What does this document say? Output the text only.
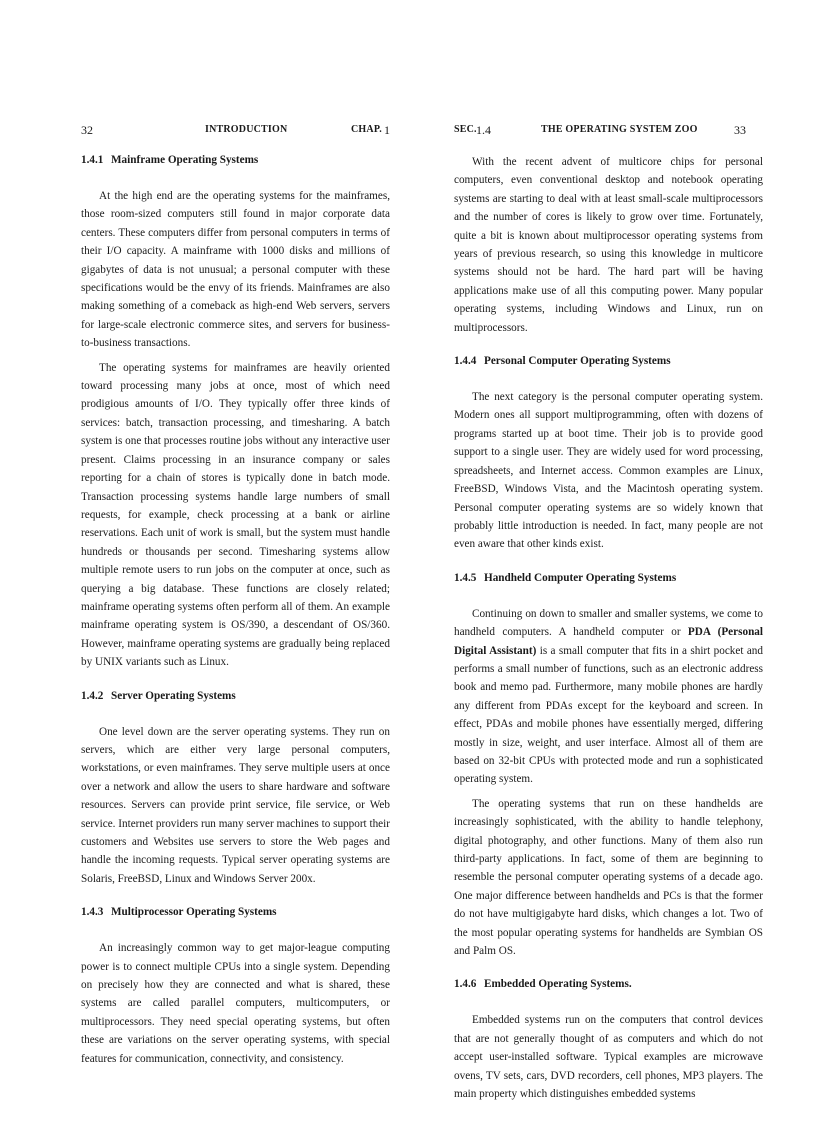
32	INTRODUCTION	CHAP. 1
1.4.1 Mainframe Operating Systems

At the high end are the operating systems for the mainframes, those room-sized computers still found in major corporate data centers. These computers differ from personal computers in terms of their I/O capacity. A mainframe with 1000 disks and millions of gigabytes of data is not unusual; a personal computer with these specifications would be the envy of its friends. Mainframes are also making something of a comeback as high-end Web servers, servers for large-scale electronic commerce sites, and servers for business-to-business transactions.

The operating systems for mainframes are heavily oriented toward processing many jobs at once, most of which need prodigious amounts of I/O. They typically offer three kinds of services: batch, transaction processing, and timesharing. A batch system is one that processes routine jobs without any interactive user present. Claims processing in an insurance company or sales reporting for a chain of stores is typically done in batch mode. Transaction processing systems handle large numbers of small requests, for example, check processing at a bank or airline reservations. Each unit of work is small, but the system must handle hundreds or thousands per second. Timesharing systems allow multiple remote users to run jobs on the computer at once, such as querying a big database. These functions are closely related; mainframe operating systems often perform all of them. An example mainframe operating system is OS/390, a descendant of OS/360. However, mainframe operating systems are gradually being replaced by UNIX variants such as Linux.

1.4.2 Server Operating Systems

One level down are the server operating systems. They run on servers, which are either very large personal computers, workstations, or even mainframes. They serve multiple users at once over a network and allow the users to share hardware and software resources. Servers can provide print service, file service, or Web service. Internet providers run many server machines to support their customers and Websites use servers to store the Web pages and handle the incoming requests. Typical server operating systems are Solaris, FreeBSD, Linux and Windows Server 200x.

1.4.3 Multiprocessor Operating Systems

An increasingly common way to get major-league computing power is to connect multiple CPUs into a single system. Depending on precisely how they are connected and what is shared, these systems are called parallel computers, multicomputers, or multiprocessors. They need special operating systems, but often these are variations on the server operating systems, with special features for communication, connectivity, and consistency.

SEC. 1.4	THE OPERATING SYSTEM ZOO	33

With the recent advent of multicore chips for personal computers, even conventional desktop and notebook operating systems are starting to deal with at least small-scale multiprocessors and the number of cores is likely to grow over time. Fortunately, quite a bit is known about multiprocessor operating systems from years of previous research, so using this knowledge in multicore systems should not be hard. The hard part will be having applications make use of all this computing power. Many popular operating systems, including Windows and Linux, run on multiprocessors.

1.4.4 Personal Computer Operating Systems

The next category is the personal computer operating system. Modern ones all support multiprogramming, often with dozens of programs started up at boot time. Their job is to provide good support to a single user. They are widely used for word processing, spreadsheets, and Internet access. Common examples are Linux, FreeBSD, Windows Vista, and the Macintosh operating system. Personal computer operating systems are so widely known that probably little introduction is needed. In fact, many people are not even aware that other kinds exist.

1.4.5 Handheld Computer Operating Systems

Continuing on down to smaller and smaller systems, we come to handheld computers. A handheld computer or PDA (Personal Digital Assistant) is a small computer that fits in a shirt pocket and performs a small number of functions, such as an electronic address book and memo pad. Furthermore, many mobile phones are hardly any different from PDAs except for the keyboard and screen. In effect, PDAs and mobile phones have essentially merged, differing mostly in size, weight, and user interface. Almost all of them are based on 32-bit CPUs with protected mode and run a sophisticated operating system.

The operating systems that run on these handhelds are increasingly sophisticated, with the ability to handle telephony, digital photography, and other functions. Many of them also run third-party applications. In fact, some of them are beginning to resemble the personal computer operating systems of a decade ago. One major difference between handhelds and PCs is that the former do not have multigigabyte hard disks, which changes a lot. Two of the most popular operating systems for handhelds are Symbian OS and Palm OS.

1.4.6 Embedded Operating Systems.

Embedded systems run on the computers that control devices that are not generally thought of as computers and which do not accept user-installed software. Typical examples are microwave ovens, TV sets, cars, DVD recorders, cell phones, MP3 players. The main property which distinguishes embedded systems
